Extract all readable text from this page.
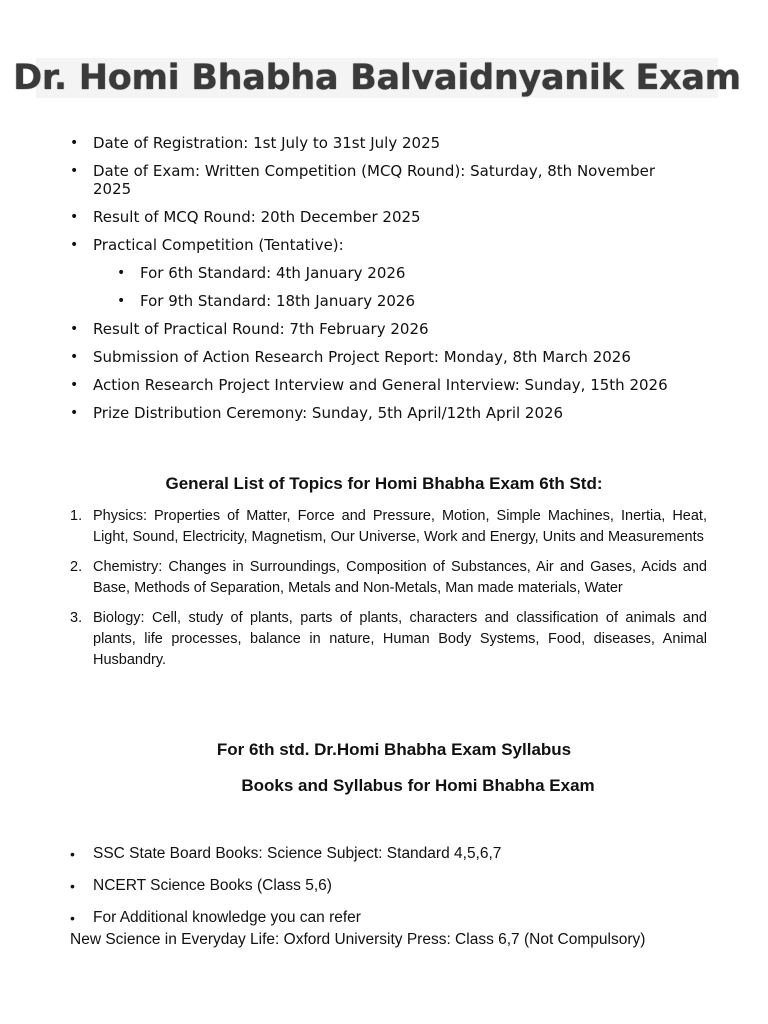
Dr. Homi Bhabha Balvaidnyanik Exam
• Date of Registration: 1st July to 31st July 2025
• Date of Exam: Written Competition (MCQ Round): Saturday, 8th November 2025
• Result of MCQ Round: 20th December 2025
• Practical Competition (Tentative):
• For 6th Standard: 4th January 2026
• For 9th Standard: 18th January 2026
• Result of Practical Round: 7th February 2026
• Submission of Action Research Project Report: Monday, 8th March 2026
• Action Research Project Interview and General Interview: Sunday, 15th 2026
• Prize Distribution Ceremony: Sunday, 5th April/12th April 2026
General List of Topics for Homi Bhabha Exam 6th Std:
1. Physics: Properties of Matter, Force and Pressure, Motion, Simple Machines, Inertia, Heat, Light, Sound, Electricity, Magnetism, Our Universe, Work and Energy, Units and Measurements
2. Chemistry: Changes in Surroundings, Composition of Substances, Air and Gases, Acids and Base, Methods of Separation, Metals and Non-Metals, Man made materials, Water
3. Biology: Cell, study of plants, parts of plants, characters and classification of animals and plants, life processes, balance in nature, Human Body Systems, Food, diseases, Animal Husbandry.
For 6th std. Dr.Homi Bhabha Exam Syllabus
Books and Syllabus for Homi Bhabha Exam
• SSC State Board Books: Science Subject: Standard 4,5,6,7
• NCERT Science Books (Class 5,6)
• For Additional knowledge you can refer
New Science in Everyday Life: Oxford University Press: Class 6,7 (Not Compulsory)
